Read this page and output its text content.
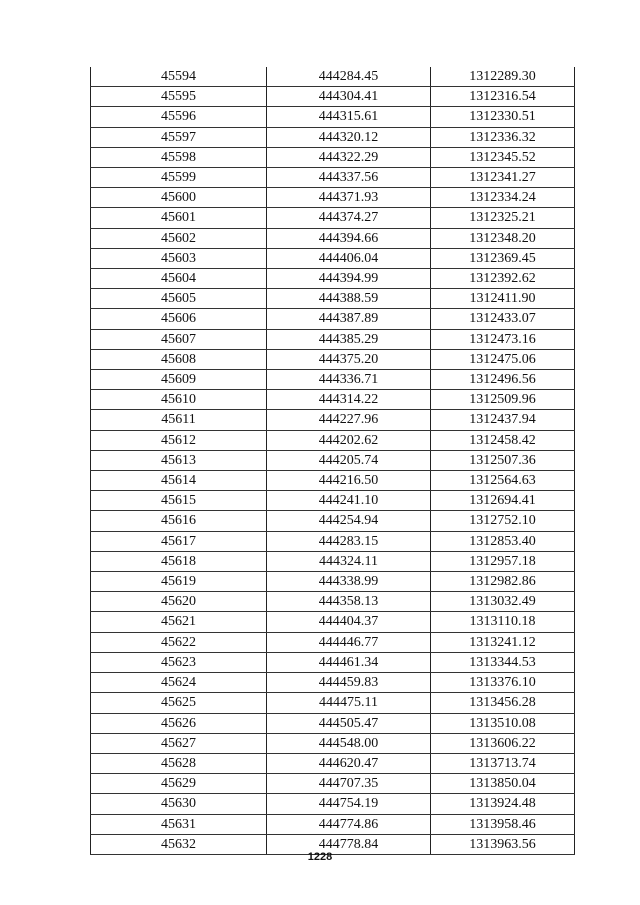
45594	444284.45	1312289.30
45595	444304.41	1312316.54
45596	444315.61	1312330.51
45597	444320.12	1312336.32
45598	444322.29	1312345.52
45599	444337.56	1312341.27
45600	444371.93	1312334.24
45601	444374.27	1312325.21
45602	444394.66	1312348.20
45603	444406.04	1312369.45
45604	444394.99	1312392.62
45605	444388.59	1312411.90
45606	444387.89	1312433.07
45607	444385.29	1312473.16
45608	444375.20	1312475.06
45609	444336.71	1312496.56
45610	444314.22	1312509.96
45611	444227.96	1312437.94
45612	444202.62	1312458.42
45613	444205.74	1312507.36
45614	444216.50	1312564.63
45615	444241.10	1312694.41
45616	444254.94	1312752.10
45617	444283.15	1312853.40
45618	444324.11	1312957.18
45619	444338.99	1312982.86
45620	444358.13	1313032.49
45621	444404.37	1313110.18
45622	444446.77	1313241.12
45623	444461.34	1313344.53
45624	444459.83	1313376.10
45625	444475.11	1313456.28
45626	444505.47	1313510.08
45627	444548.00	1313606.22
45628	444620.47	1313713.74
45629	444707.35	1313850.04
45630	444754.19	1313924.48
45631	444774.86	1313958.46
45632	444778.84	1313963.56
1228
